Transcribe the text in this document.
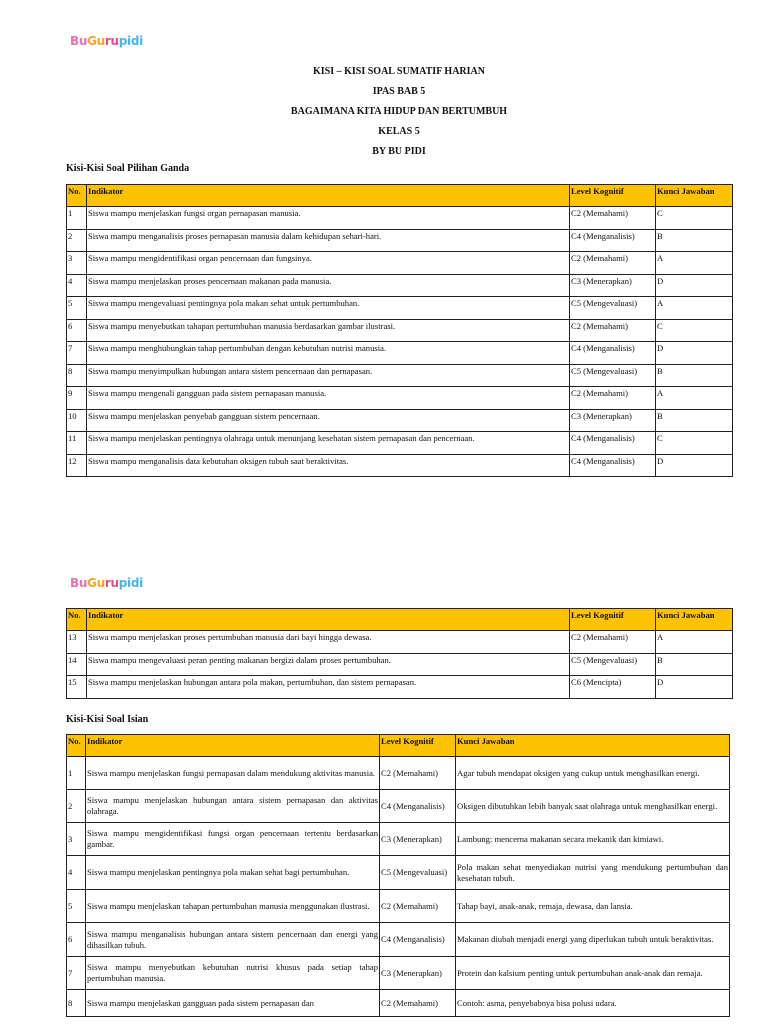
BuGurupidi
KISI – KISI SOAL SUMATIF HARIAN
IPAS BAB 5
BAGAIMANA KITA HIDUP DAN BERTUMBUH
KELAS 5
BY BU PIDI
Kisi-Kisi Soal Pilihan Ganda
No.	Indikator	Level Kognitif	Kunci Jawaban
1	Siswa mampu menjelaskan fungsi organ pernapasan manusia.	C2 (Memahami)	C
2	Siswa mampu menganalisis proses pernapasan manusia dalam kehidupan sehari-hari.	C4 (Menganalisis)	B
3	Siswa mampu mengidentifikasi organ pencernaan dan fungsinya.	C2 (Memahami)	A
4	Siswa mampu menjelaskan proses pencernaan makanan pada manusia.	C3 (Menerapkan)	D
5	Siswa mampu mengevaluasi pentingnya pola makan sehat untuk pertumbuhan.	C5 (Mengevaluasi)	A
6	Siswa mampu menyebutkan tahapan pertumbuhan manusia berdasarkan gambar ilustrasi.	C2 (Memahami)	C
7	Siswa mampu menghubungkan tahap pertumbuhan dengan kebutuhan nutrisi manusia.	C4 (Menganalisis)	D
8	Siswa mampu menyimpulkan hubungan antara sistem pencernaan dan pernapasan.	C5 (Mengevaluasi)	B
9	Siswa mampu mengenali gangguan pada sistem pernapasan manusia.	C2 (Memahami)	A
10	Siswa mampu menjelaskan penyebab gangguan sistem pencernaan.	C3 (Menerapkan)	B
11	Siswa mampu menjelaskan pentingnya olahraga untuk menunjang kesehatan sistem pernapasan dan pencernaan.	C4 (Menganalisis)	C
12	Siswa mampu menganalisis data kebutuhan oksigen tubuh saat beraktivitas.	C4 (Menganalisis)	D
BuGurupidi
No.	Indikator	Level Kognitif	Kunci Jawaban
13	Siswa mampu menjelaskan proses pertumbuhan manusia dari bayi hingga dewasa.	C2 (Memahami)	A
14	Siswa mampu mengevaluasi peran penting makanan bergizi dalam proses pertumbuhan.	C5 (Mengevaluasi)	B
15	Siswa mampu menjelaskan hubungan antara pola makan, pertumbuhan, dan sistem pernapasan.	C6 (Mencipta)	D
Kisi-Kisi Soal Isian
No.	Indikator	Level Kognitif	Kunci Jawaban
1	Siswa mampu menjelaskan fungsi pernapasan dalam mendukung aktivitas manusia.	C2 (Memahami)	Agar tubuh mendapat oksigen yang cukup untuk menghasilkan energi.
2	Siswa mampu menjelaskan hubungan antara sistem pernapasan dan aktivitas olahraga.	C4 (Menganalisis)	Oksigen dibutuhkan lebih banyak saat olahraga untuk menghasilkan energi.
3	Siswa mampu mengidentifikasi fungsi organ pencernaan tertentu berdasarkan gambar.	C3 (Menerapkan)	Lambung: mencerna makanan secara mekanik dan kimiawi.
4	Siswa mampu menjelaskan pentingnya pola makan sehat bagi pertumbuhan.	C5 (Mengevaluasi)	Pola makan sehat menyediakan nutrisi yang mendukung pertumbuhan dan kesehatan tubuh.
5	Siswa mampu menjelaskan tahapan pertumbuhan manusia menggunakan ilustrasi.	C2 (Memahami)	Tahap bayi, anak-anak, remaja, dewasa, dan lansia.
6	Siswa mampu menganalisis hubungan antara sistem pencernaan dan energi yang dihasilkan tubuh.	C4 (Menganalisis)	Makanan diubah menjadi energi yang diperlukan tubuh untuk beraktivitas.
7	Siswa mampu menyebutkan kebutuhan nutrisi khusus pada setiap tahap pertumbuhan manusia.	C3 (Menerapkan)	Protein dan kalsium penting untuk pertumbuhan anak-anak dan remaja.
8	Siswa mampu menjelaskan gangguan pada sistem pernapasan dan	C2 (Memahami)	Contoh: asma, penyebabnya bisa polusi udara.
